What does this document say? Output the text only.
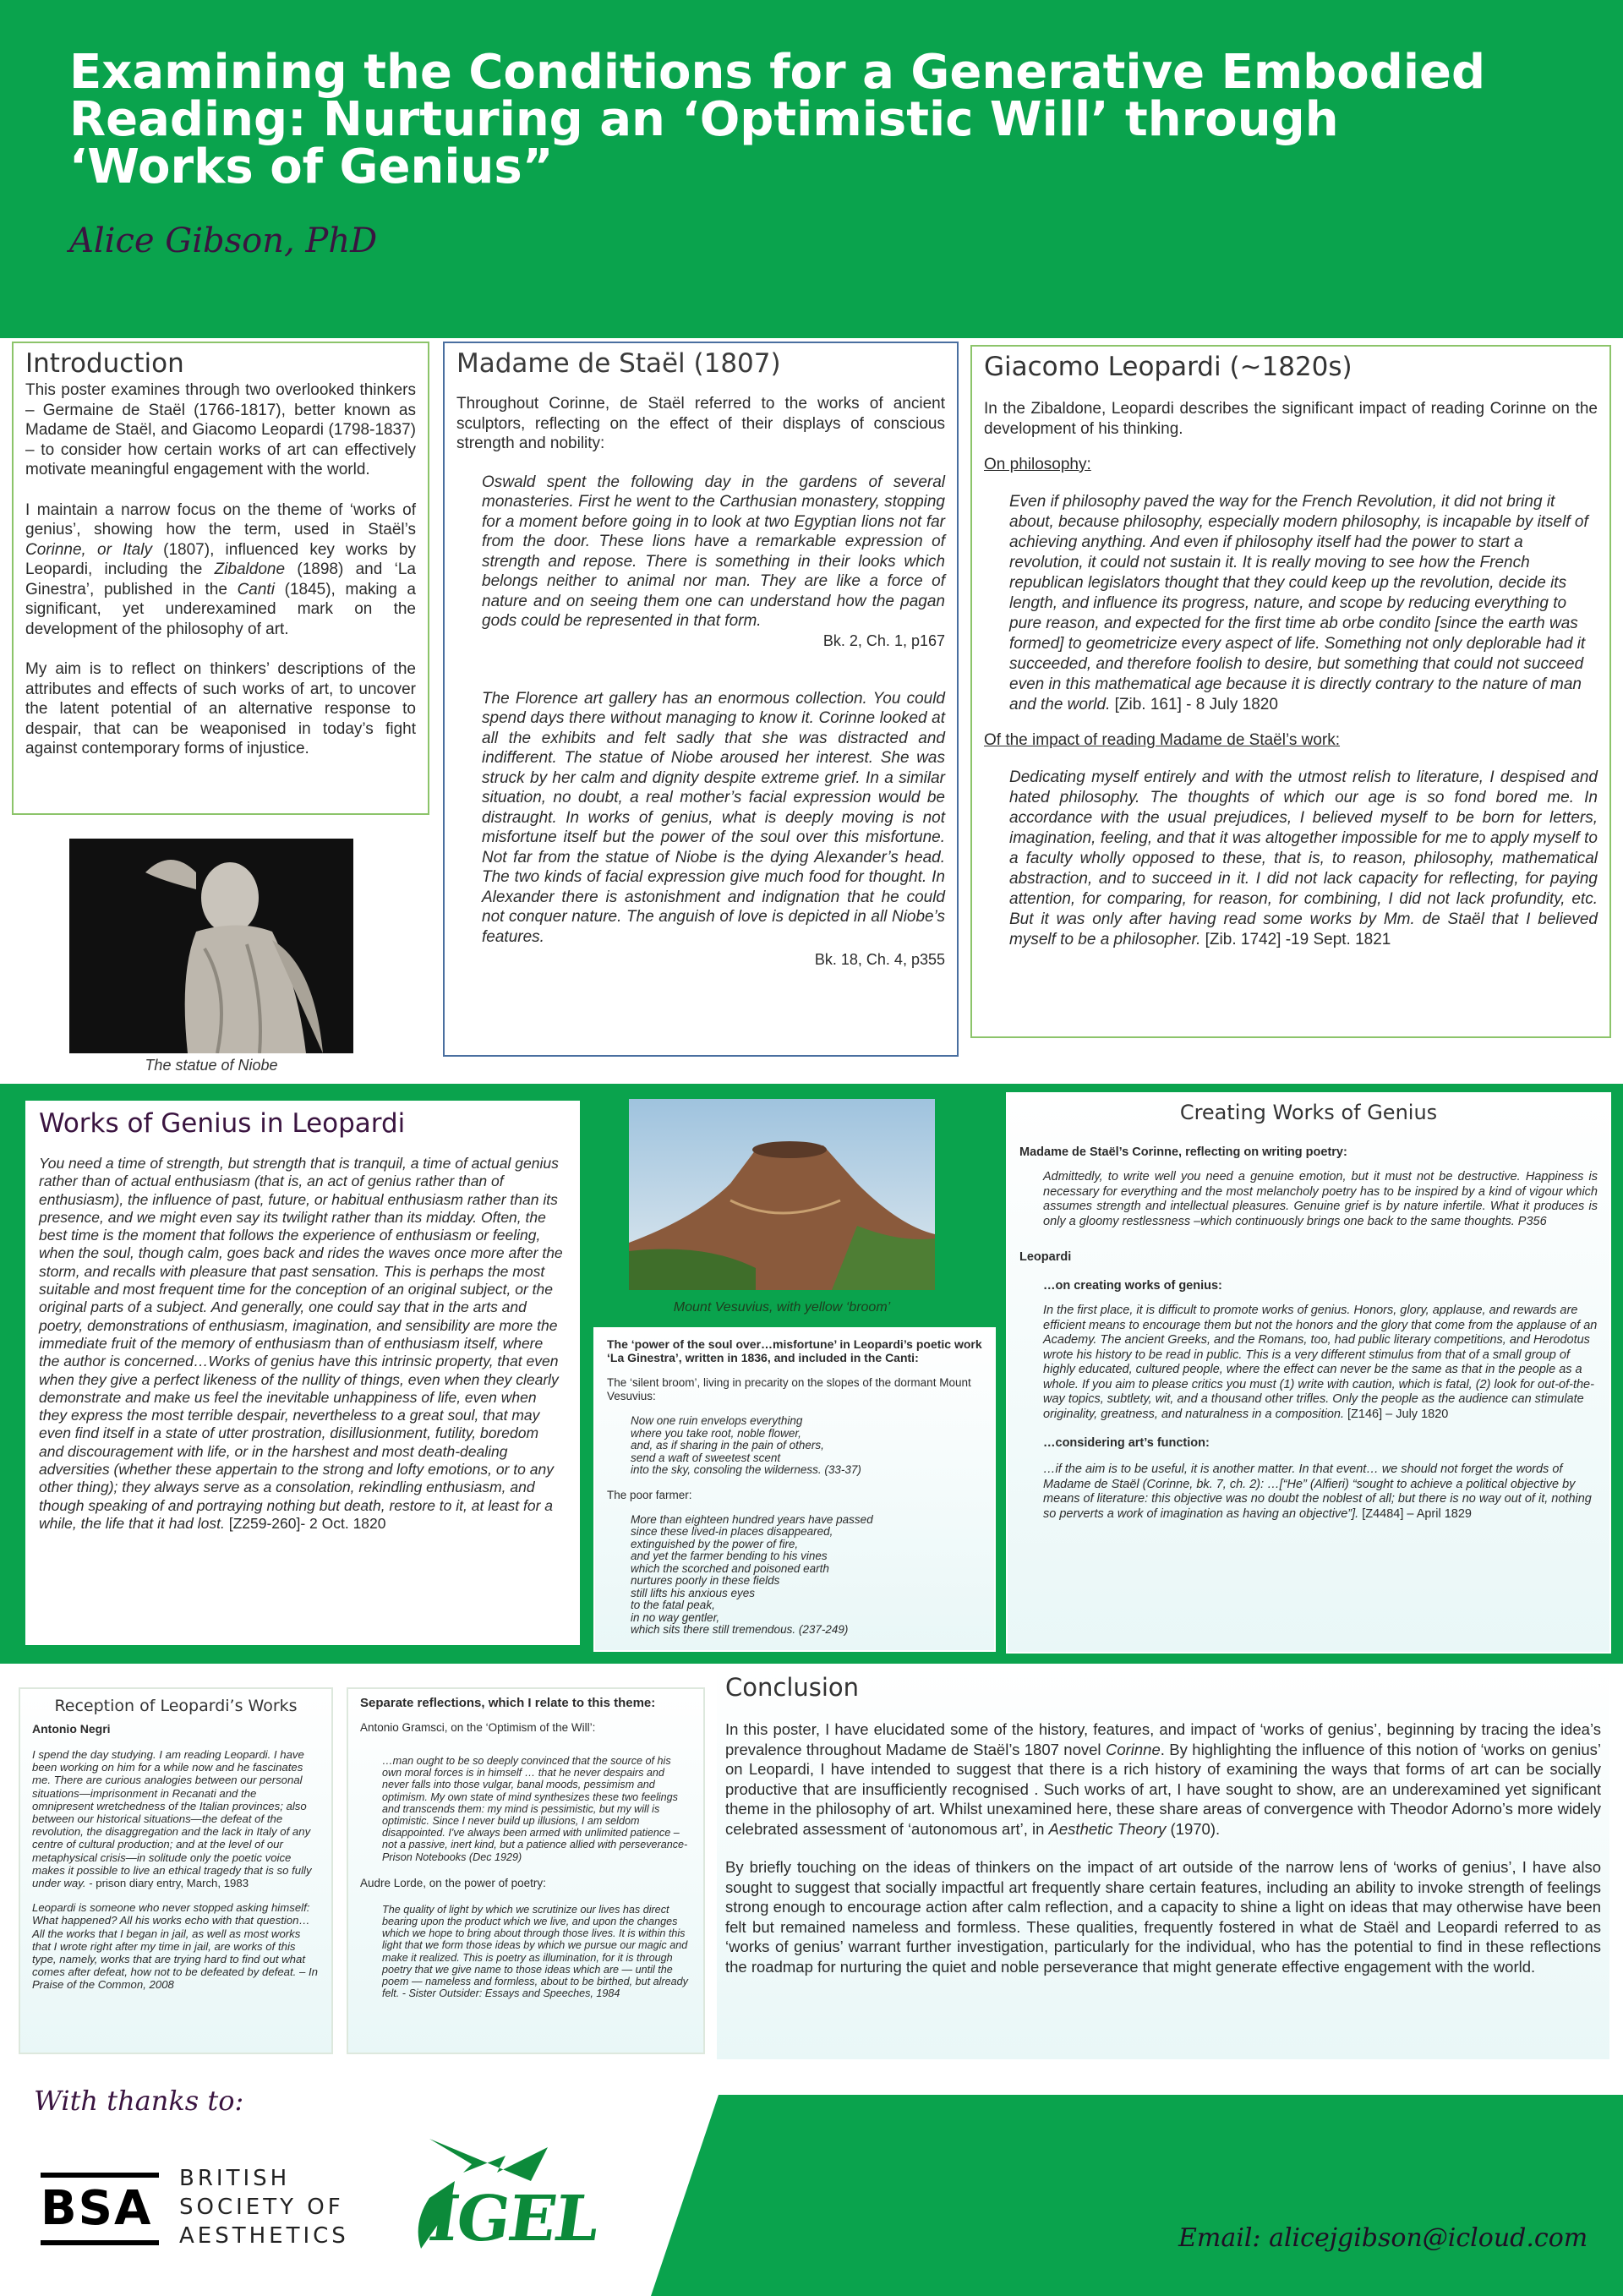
Examining the Conditions for a Generative Embodied
Reading: Nurturing an ‘Optimistic Will’ through
‘Works of Genius”
Alice Gibson, PhD
Introduction

This poster examines through two overlooked thinkers – Germaine de Staël (1766-1817), better known as Madame de Staël, and Giacomo Leopardi (1798-1837) – to consider how certain works of art can effectively motivate meaningful engagement with the world.

I maintain a narrow focus on the theme of ‘works of genius’, showing how the term, used in Staël’s Corinne, or Italy (1807), influenced key works by Leopardi, including the Zibaldone (1898) and ‘La Ginestra’, published in the Canti (1845), making a significant, yet underexamined mark on the development of the philosophy of art.

My aim is to reflect on thinkers’ descriptions of the attributes and effects of such works of art, to uncover the latent potential of an alternative response to despair, that can be weaponised in today’s fight against contemporary forms of injustice.

The statue of Niobe
Madame de Staël (1807)

Throughout Corinne, de Staël referred to the works of ancient sculptors, reflecting on the effect of their displays of conscious strength and nobility:

Oswald spent the following day in the gardens of several monasteries. First he went to the Carthusian monastery, stopping for a moment before going in to look at two Egyptian lions not far from the door. These lions have a remarkable expression of strength and repose. There is something in their looks which belongs neither to animal nor man. They are like a force of nature and on seeing them one can understand how the pagan gods could be represented in that form.

Bk. 2, Ch. 1, p167

The Florence art gallery has an enormous collection. You could spend days there without managing to know it. Corinne looked at all the exhibits and felt sadly that she was distracted and indifferent. The statue of Niobe aroused her interest. She was struck by her calm and dignity despite extreme grief. In a similar situation, no doubt, a real mother’s facial expression would be distraught. In works of genius, what is deeply moving is not misfortune itself but the power of the soul over this misfortune. Not far from the statue of Niobe is the dying Alexander’s head. The two kinds of facial expression give much food for thought. In Alexander there is astonishment and indignation that he could not conquer nature. The anguish of love is depicted in all Niobe’s features.

Bk. 18, Ch. 4, p355

Giacomo Leopardi (~1820s)

In the Zibaldone, Leopardi describes the significant impact of reading Corinne on the development of his thinking.

On philosophy:

Even if philosophy paved the way for the French Revolution, it did not bring it about, because philosophy, especially modern philosophy, is incapable by itself of achieving anything. And even if philosophy itself had the power to start a revolution, it could not sustain it. It is really moving to see how the French republican legislators thought that they could keep up the revolution, decide its length, and influence its progress, nature, and scope by reducing everything to pure reason, and expected for the first time ab orbe condito [since the earth was formed] to geometricize every aspect of life. Something not only deplorable had it succeeded, and therefore foolish to desire, but something that could not succeed even in this mathematical age because it is directly contrary to the nature of man and the world. [Zib. 161] - 8 July 1820

Of the impact of reading Madame de Staël’s work:

Dedicating myself entirely and with the utmost relish to literature, I despised and hated philosophy. The thoughts of which our age is so fond bored me. In accordance with the usual prejudices, I believed myself to be born for letters, imagination, feeling, and that it was altogether impossible for me to apply myself to a faculty wholly opposed to these, that is, to reason, philosophy, mathematical abstraction, and to succeed in it. I did not lack capacity for reflecting, for paying attention, for comparing, for reason, for combining, I did not lack profundity, etc. But it was only after having read some works by Mm. de Staël that I believed myself to be a philosopher. [Zib. 1742] -19 Sept. 1821

Works of Genius in Leopardi

You need a time of strength, but strength that is tranquil, a time of actual genius rather than of actual enthusiasm (that is, an act of genius rather than of enthusiasm), the influence of past, future, or habitual enthusiasm rather than its presence, and we might even say its twilight rather than its midday. Often, the best time is the moment that follows the experience of enthusiasm or feeling, when the soul, though calm, goes back and rides the waves once more after the storm, and recalls with pleasure that past sensation. This is perhaps the most suitable and most frequent time for the conception of an original subject, or the original parts of a subject. And generally, one could say that in the arts and poetry, demonstrations of enthusiasm, imagination, and sensibility are more the immediate fruit of the memory of enthusiasm than of enthusiasm itself, where the author is concerned…Works of genius have this intrinsic property, that even when they give a perfect likeness of the nullity of things, even when they clearly demonstrate and make us feel the inevitable unhappiness of life, even when they express the most terrible despair, nevertheless to a great soul, that may even find itself in a state of utter prostration, disillusionment, futility, boredom and discouragement with life, or in the harshest and most death-dealing adversities (whether these appertain to the strong and lofty emotions, or to any other thing); they always serve as a consolation, rekindling enthusiasm, and though speaking of and portraying nothing but death, restore to it, at least for a while, the life that it had lost. [Z259-260]- 2 Oct. 1820

Mount Vesuvius, with yellow ‘broom’

The ‘power of the soul over…misfortune’ in Leopardi’s poetic work ‘La Ginestra’, written in 1836, and included in the Canti:

The ‘silent broom’, living in precarity on the slopes of the dormant Mount Vesuvius:

Now one ruin envelops everything
where you take root, noble flower,
and, as if sharing in the pain of others,
send a waft of sweetest scent
into the sky, consoling the wilderness. (33-37)

The poor farmer:

More than eighteen hundred years have passed
since these lived-in places disappeared,
extinguished by the power of fire,
and yet the farmer bending to his vines
which the scorched and poisoned earth
nurtures poorly in these fields
still lifts his anxious eyes
to the fatal peak,
in no way gentler,
which sits there still tremendous. (237-249)

Creating Works of Genius

Madame de Staël’s Corinne, reflecting on writing poetry:

Admittedly, to write well you need a genuine emotion, but it must not be destructive. Happiness is necessary for everything and the most melancholy poetry has to be inspired by a kind of vigour which assumes strength and intellectual pleasures. Genuine grief is by nature infertile. What it produces is only a gloomy restlessness –which continuously brings one back to the same thoughts. P356

Leopardi

…on creating works of genius:

In the first place, it is difficult to promote works of genius. Honors, glory, applause, and rewards are efficient means to encourage them but not the honors and the glory that come from the applause of an Academy. The ancient Greeks, and the Romans, too, had public literary competitions, and Herodotus wrote his history to be read in public. This is a very different stimulus from that of a small group of highly educated, cultured people, where the effect can never be the same as that in the people as a whole. If you aim to please critics you must (1) write with caution, which is fatal, (2) look for out-of-the-way topics, subtlety, wit, and a thousand other trifles. Only the people as the audience can stimulate originality, greatness, and naturalness in a composition. [Z146] – July 1820

…considering art’s function:

…if the aim is to be useful, it is another matter. In that event… we should not forget the words of Madame de Staël (Corinne, bk. 7, ch. 2): …[“He” (Alfieri) “sought to achieve a political objective by means of literature: this objective was no doubt the noblest of all; but there is no way out of it, nothing so perverts a work of imagination as having an objective”]. [Z4484] – April 1829

Reception of Leopardi’s Works

Antonio Negri

I spend the day studying. I am reading Leopardi. I have been working on him for a while now and he fascinates me. There are curious analogies between our personal situations—imprisonment in Recanati and the omnipresent wretchedness of the Italian provinces; also between our historical situations—the defeat of the revolution, the disaggregation and the lack in Italy of any centre of cultural production; and at the level of our metaphysical crisis—in solitude only the poetic voice makes it possible to live an ethical tragedy that is so fully under way. - prison diary entry, March, 1983

Leopardi is someone who never stopped asking himself: What happened? All his works echo with that question… All the works that I began in jail, as well as most works that I wrote right after my time in jail, are works of this type, namely, works that are trying hard to find out what comes after defeat, how not to be defeated by defeat. – In Praise of the Common, 2008

Separate reflections, which I relate to this theme:

Antonio Gramsci, on the ‘Optimism of the Will’:

…man ought to be so deeply convinced that the source of his own moral forces is in himself … that he never despairs and never falls into those vulgar, banal moods, pessimism and optimism. My own state of mind synthesizes these two feelings and transcends them: my mind is pessimistic, but my will is optimistic. Since I never build up illusions, I am seldom disappointed. I've always been armed with unlimited patience – not a passive, inert kind, but a patience allied with perseverance- Prison Notebooks (Dec 1929)

Audre Lorde, on the power of poetry:

The quality of light by which we scrutinize our lives has direct bearing upon the product which we live, and upon the changes which we hope to bring about through those lives. It is within this light that we form those ideas by which we pursue our magic and make it realized. This is poetry as illumination, for it is through poetry that we give name to those ideas which are — until the poem — nameless and formless, about to be birthed, but already felt. - Sister Outsider: Essays and Speeches, 1984

Conclusion

In this poster, I have elucidated some of the history, features, and impact of ‘works of genius’, beginning by tracing the idea’s prevalence throughout Madame de Staël’s 1807 novel Corinne. By highlighting the influence of this notion of ‘works on genius’ on Leopardi, I have intended to suggest that there is a rich history of examining the ways that forms of art can be socially productive that are insufficiently recognised . Such works of art, I have sought to show, are an underexamined yet significant theme in the philosophy of art. Whilst unexamined here, these share areas of convergence with Theodor Adorno’s more widely celebrated assessment of ‘autonomous art’, in Aesthetic Theory (1970).

By briefly touching on the ideas of thinkers on the impact of art outside of the narrow lens of ‘works of genius’, I have also sought to suggest that socially impactful art frequently share certain features, including an ability to invoke strength of feelings strong enough to encourage action after calm reflection, and a capacity to shine a light on ideas that may otherwise have been felt but remained nameless and formless. These qualities, frequently fostered in what de Staël and Leopardi referred to as ‘works of genius’ warrant further investigation, particularly for the individual, who has the potential to find in these reflections the roadmap for nurturing the quiet and noble perseverance that might generate effective engagement with the world.

With thanks to:
BSA
BRITISH
SOCIETY OF
AESTHETICS IGEL	Email: alicejgibson@icloud.com
